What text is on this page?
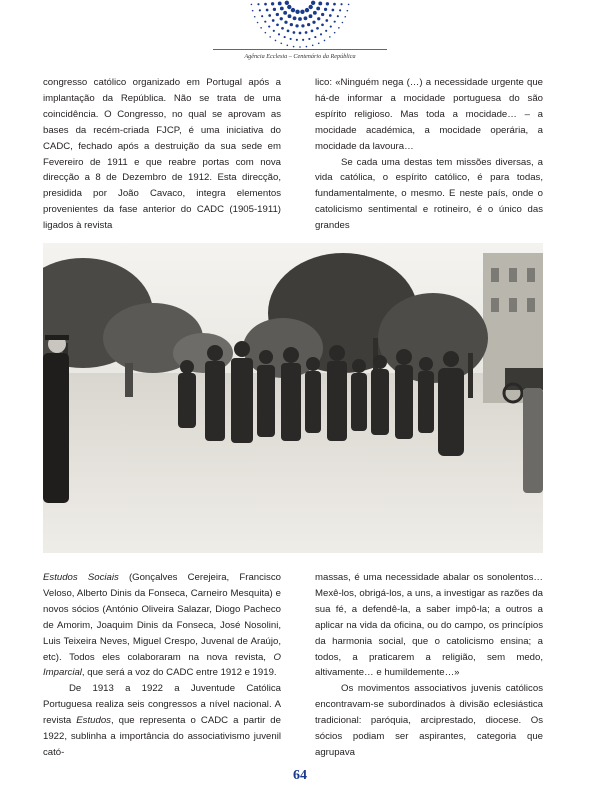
Agência Ecclesia – Centenário da República

congresso católico organizado em Portugal após a implantação da República. Não se trata de uma coincidência. O Congresso, no qual se aprovam as bases da recém-criada FJCP, é uma iniciativa do CADC, fechado após a destruição da sua sede em Fevereiro de 1911 e que reabre portas com nova direcção a 8 de Dezembro de 1912. Esta direcção, presidida por João Cavaco, integra elementos provenientes da fase anterior do CADC (1905-1911) ligados à revista

lico: «Ninguém nega (…) a necessidade urgente que há-de informar a mocidade portuguesa do são espírito religioso. Mas toda a mocidade… – a mocidade académica, a mocidade operária, a mocidade da lavoura…

Se cada uma destas tem missões diversas, a vida católica, o espírito católico, é para todas, fundamentalmente, o mesmo. E neste país, onde o catolicismo sentimental e rotineiro, é o único das grandes

Estudos Sociais (Gonçalves Cerejeira, Francisco Veloso, Alberto Dinis da Fonseca, Carneiro Mesquita) e novos sócios (António Oliveira Salazar, Diogo Pacheco de Amorim, Joaquim Dinis da Fonseca, José Nosolini, Luis Teixeira Neves, Miguel Crespo, Juvenal de Araújo, etc). Todos eles colaboraram na nova revista, O Imparcial, que será a voz do CADC entre 1912 e 1919.

De 1913 a 1922 a Juventude Católica Portuguesa realiza seis congressos a nível nacional. A revista Estudos, que representa o CADC a partir de 1922, sublinha a importância do associativismo juvenil cató-

massas, é uma necessidade abalar os sonolentos… Mexê-los, obrigá-los, a uns, a investigar as razões da sua fé, a defendê-la, a saber impô-la; a outros a aplicar na vida da oficina, ou do campo, os princípios da harmonia social, que o catolicismo ensina; a todos, a praticarem a religião, sem medo, altivamente… e humildemente…»

Os movimentos associativos juvenis católicos encontravam-se subordinados à divisão eclesiástica tradicional: paróquia, arciprestado, diocese. Os sócios podiam ser aspirantes, categoria que agrupava

64
